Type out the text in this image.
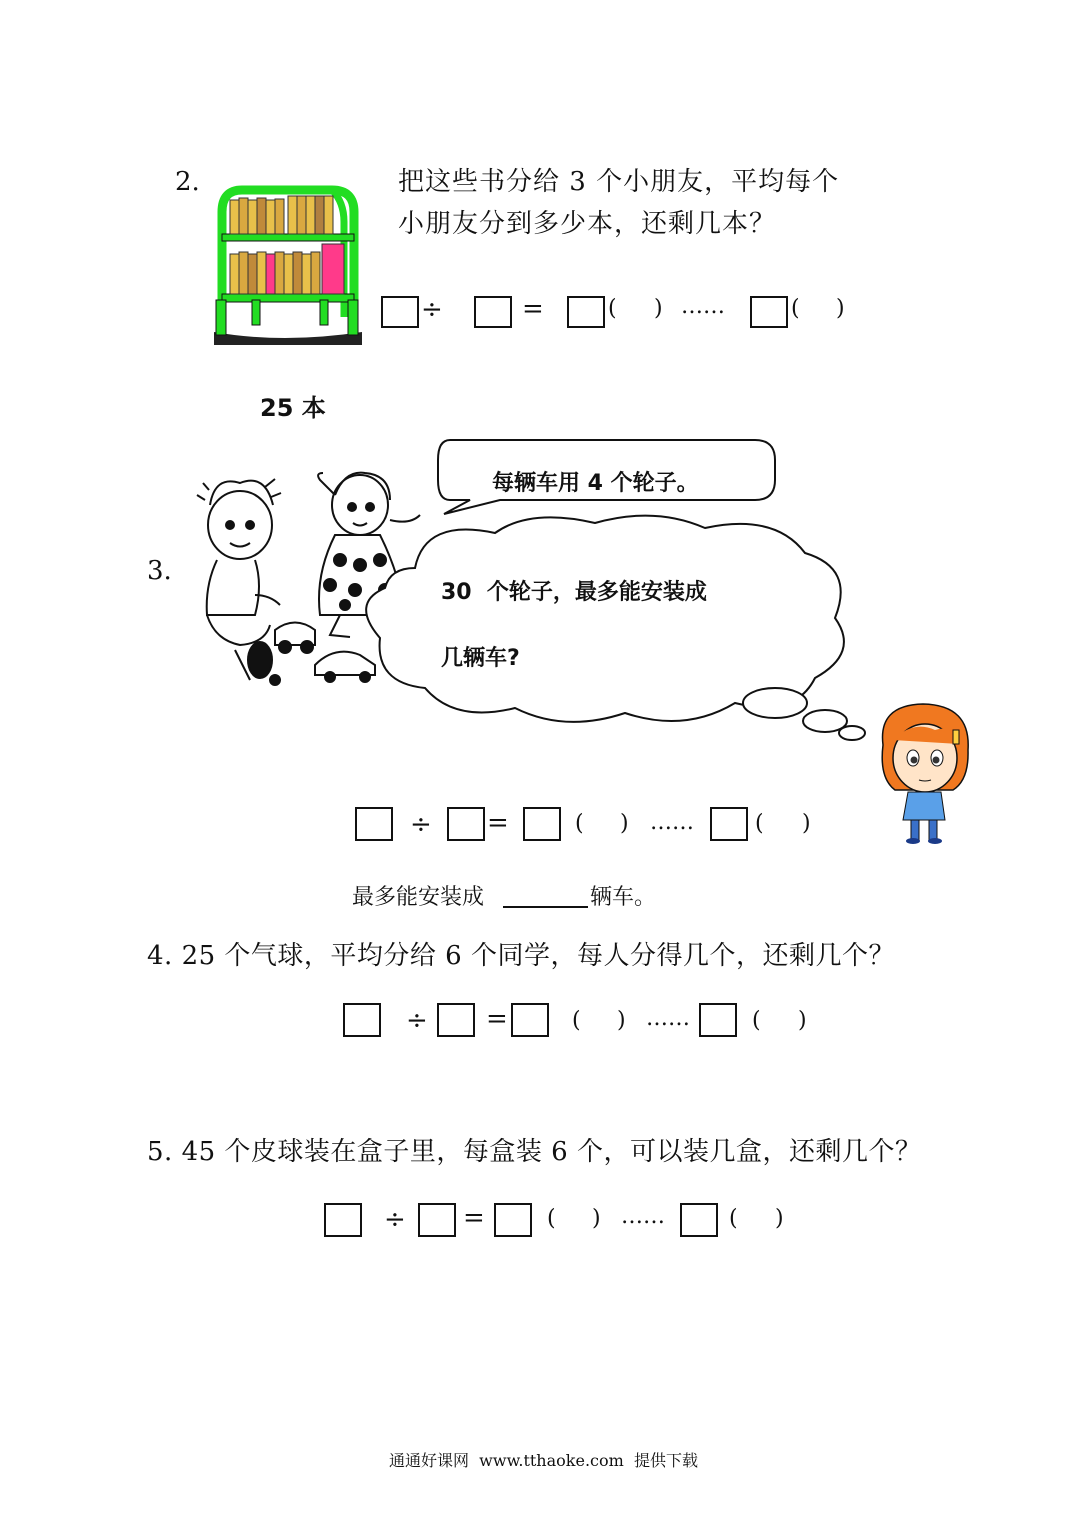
2.	把这些书分给 3 个小朋友，平均每个
小朋友分到多少本，还剩几本？
÷	=	( ) ……	( )
25 本
3.
每辆车用 4 个轮子。
30  个轮子，最多能安装成
几辆车?
÷ =	( ) ……	( )
最多能安装成	辆车。
4. 25 个气球，平均分给 6 个同学，每人分得几个，还剩几个？
÷ =	( ) ……	( )
5. 45 个皮球装在盒子里，每盒装 6 个，可以装几盒，还剩几个？
÷ =	( ) ……	( )
通通好课网  www.tthaoke.com  提供下载
